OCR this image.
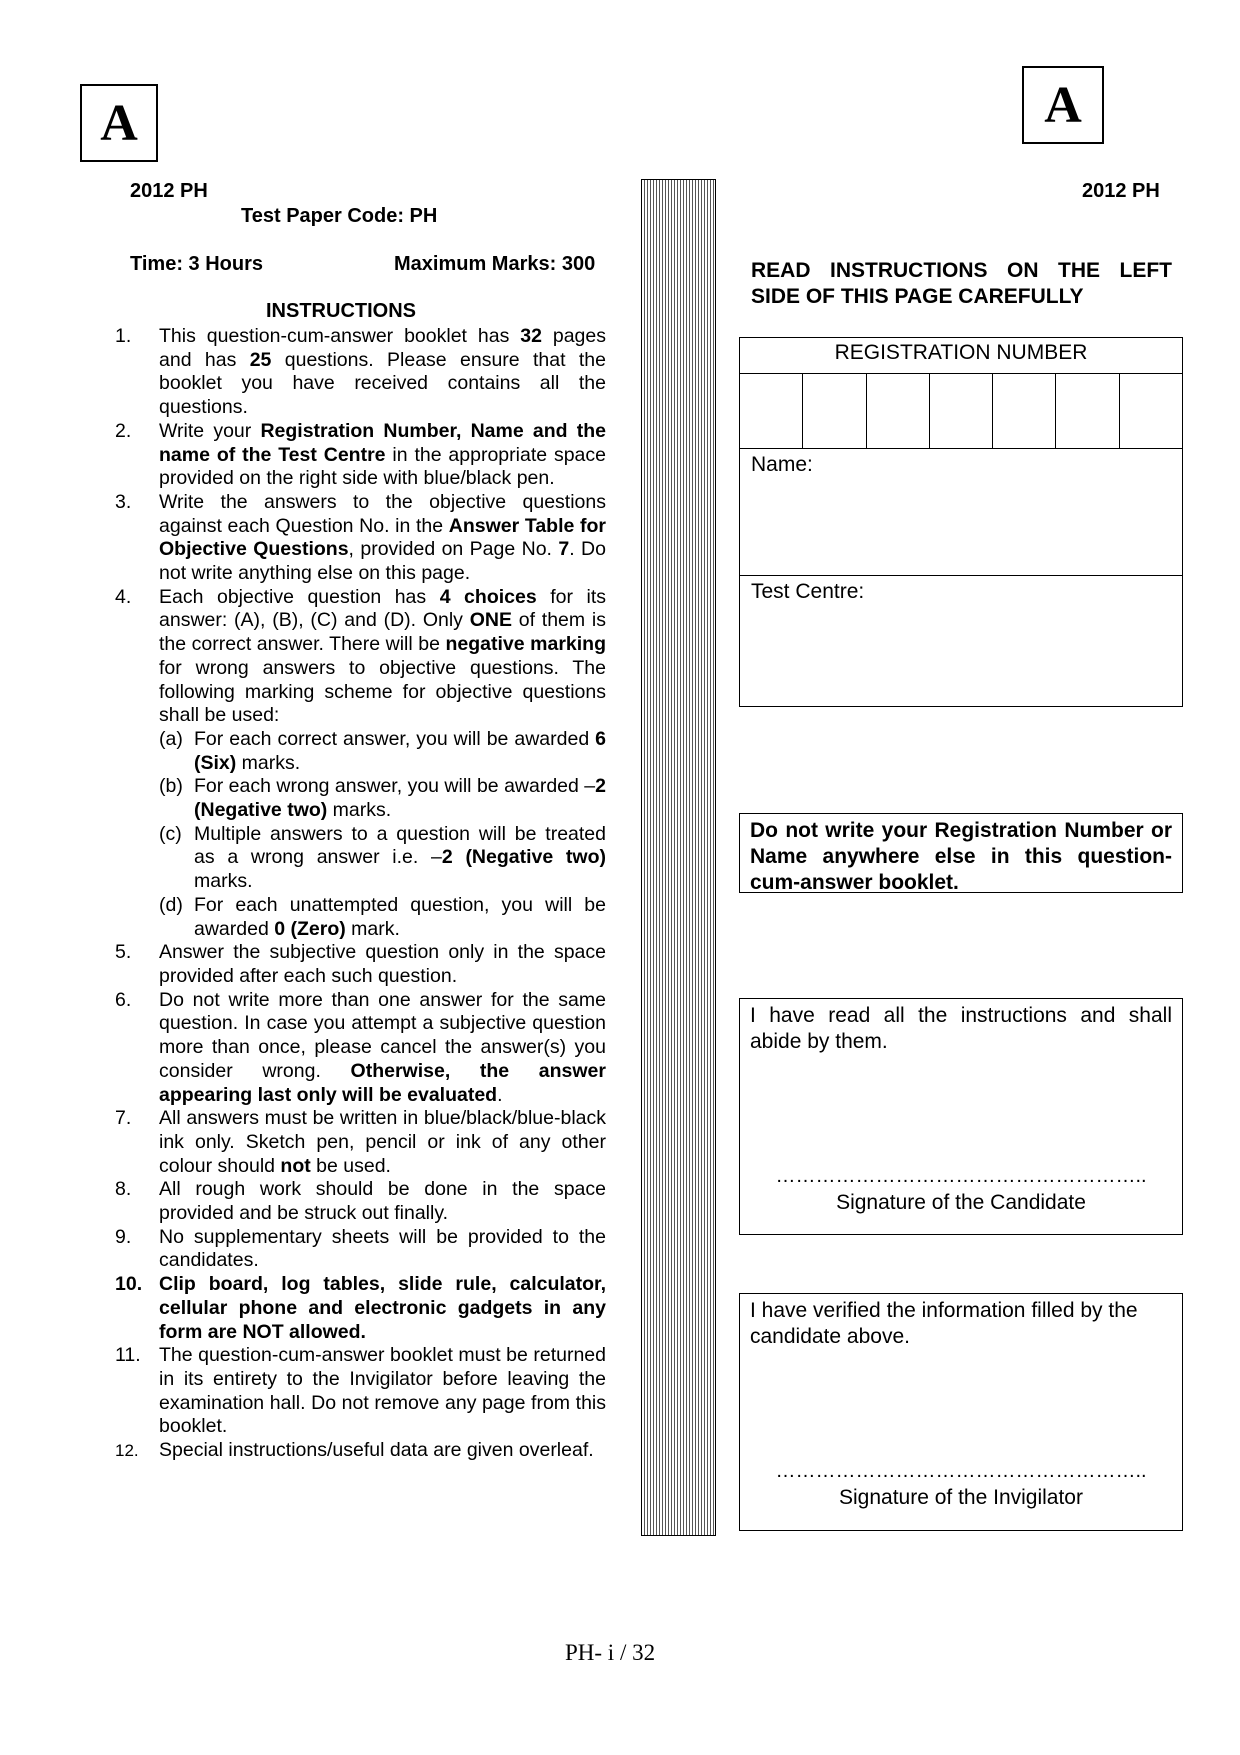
A	A
2012 PH
Test Paper Code: PH
Time: 3 Hours	Maximum Marks: 300
INSTRUCTIONS
1.	This question-cum-answer booklet has 32 pages and has 25 questions. Please ensure that the booklet you have received contains all the questions.
2.	Write your Registration Number, Name and the name of the Test Centre in the appropriate space provided on the right side with blue/black pen.
3.	Write the answers to the objective questions against each Question No. in the Answer Table for Objective Questions, provided on Page No. 7. Do not write anything else on this page.
4.	Each objective question has 4 choices for its answer: (A), (B), (C) and (D). Only ONE of them is the correct answer. There will be negative marking for wrong answers to objective questions. The following marking scheme for objective questions shall be used:
(a) For each correct answer, you will be awarded 6 (Six) marks.
(b) For each wrong answer, you will be awarded –2 (Negative two) marks.
(c) Multiple answers to a question will be treated as a wrong answer i.e. –2 (Negative two) marks.
(d) For each unattempted question, you will be awarded 0 (Zero) mark.
5.	Answer the subjective question only in the space provided after each such question.
6.	Do not write more than one answer for the same question. In case you attempt a subjective question more than once, please cancel the answer(s) you consider wrong. Otherwise, the answer appearing last only will be evaluated.
7.	All answers must be written in blue/black/blue-black ink only. Sketch pen, pencil or ink of any other colour should not be used.
8.	All rough work should be done in the space provided and be struck out finally.
9.	No supplementary sheets will be provided to the candidates.
10. Clip board, log tables, slide rule, calculator, cellular phone and electronic gadgets in any form are NOT allowed.
11. The question-cum-answer booklet must be returned in its entirety to the Invigilator before leaving the examination hall. Do not remove any page from this booklet.
12.	Special instructions/useful data are given overleaf.
2012 PH
READ INSTRUCTIONS ON THE LEFT SIDE OF THIS PAGE CAREFULLY
REGISTRATION NUMBER
Name:
Test Centre:
Do not write your Registration Number or Name anywhere else in this question-cum-answer booklet.
I have read all the instructions and shall abide by them.
………………………………………………..
Signature of the Candidate
I have verified the information filled by the candidate above.
………………………………………………..
Signature of the Invigilator
PH- i / 32
